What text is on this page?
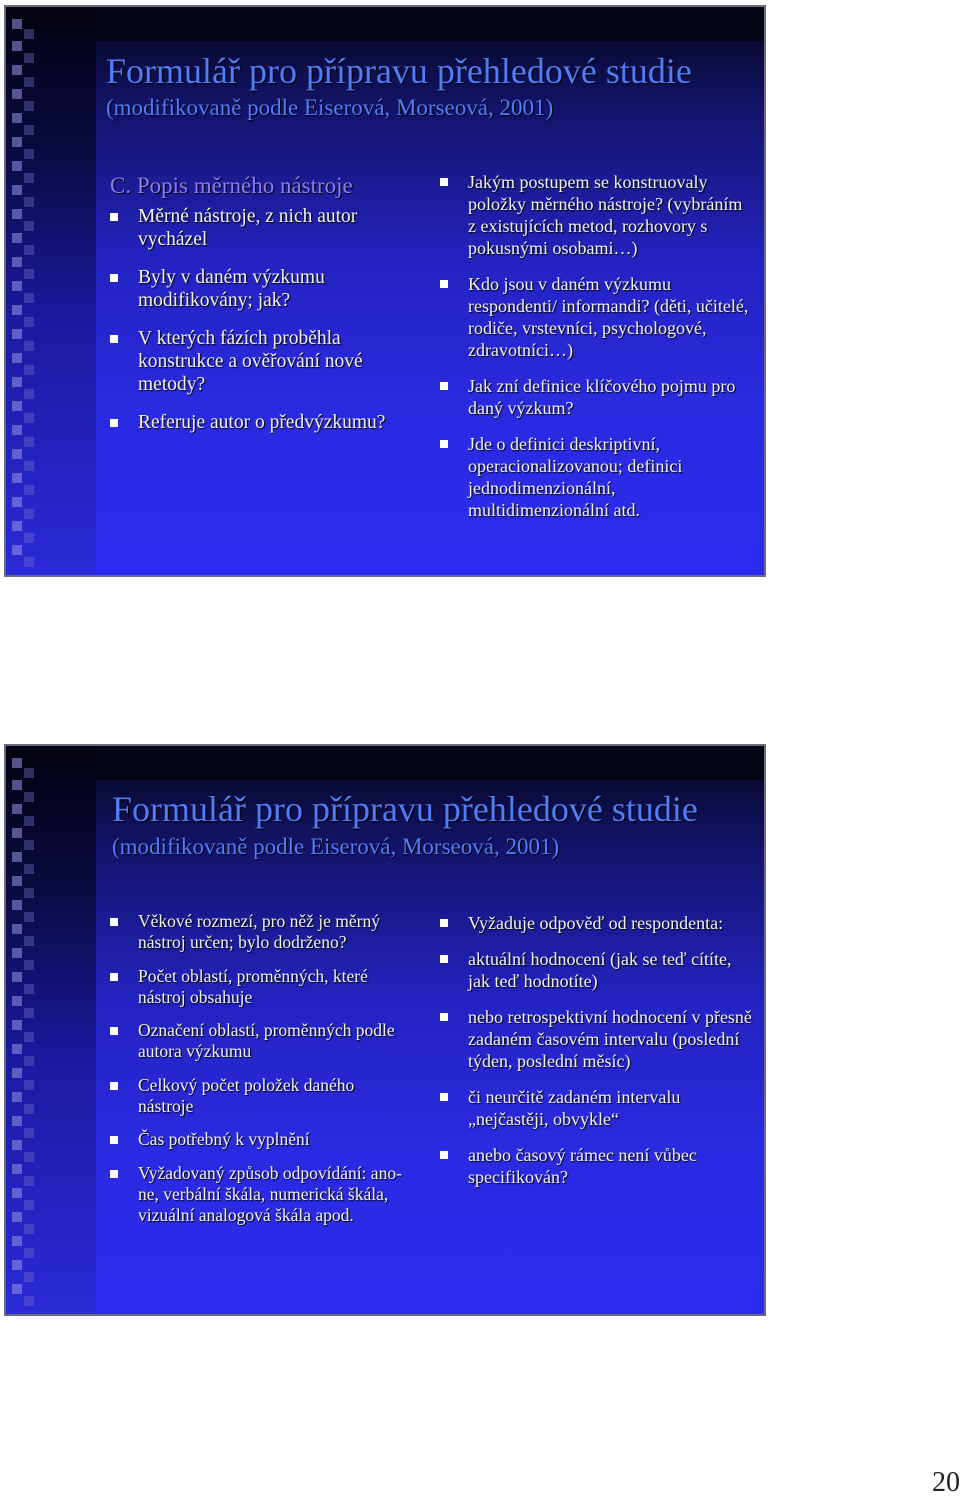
Formulář pro přípravu přehledové studie
(modifikovaně podle Eiserová, Morseová, 2001)
C. Popis měrného nástroje
Měrné nástroje, z nich autor vycházel
Byly v daném výzkumu modifikovány; jak?
V kterých fázích proběhla konstrukce a ověřování nové metody?
Referuje autor o předvýzkumu?
Jakým postupem se konstruovaly položky měrného nástroje? (vybráním z existujících metod, rozhovory s pokusnými osobami…)
Kdo jsou v daném výzkumu respondenti/ informandi? (děti, učitelé, rodiče, vrstevníci, psychologové, zdravotníci…)
Jak zní definice klíčového pojmu pro daný výzkum?
Jde o definici deskriptivní, operacionalizovanou; definici jednodimenzionální, multidimenzionální atd.
Formulář pro přípravu přehledové studie
(modifikovaně podle Eiserová, Morseová, 2001)
Věkové rozmezí, pro něž je měrný nástroj určen; bylo dodrženo?
Počet oblastí, proměnných, které nástroj obsahuje
Označení oblastí, proměnných podle autora výzkumu
Celkový počet položek daného nástroje
Čas potřebný k vyplnění
Vyžadovaný způsob odpovídání: ano-ne, verbální škála, numerická škála, vizuální analogová škála apod.
Vyžaduje odpověď od respondenta:
aktuální hodnocení (jak se teď cítíte, jak teď hodnotíte)
nebo retrospektivní hodnocení v přesně zadaném časovém intervalu (poslední týden, poslední měsíc)
či neurčitě zadaném intervalu „nejčastěji, obvykle“
anebo časový rámec není vůbec specifikován?
20
